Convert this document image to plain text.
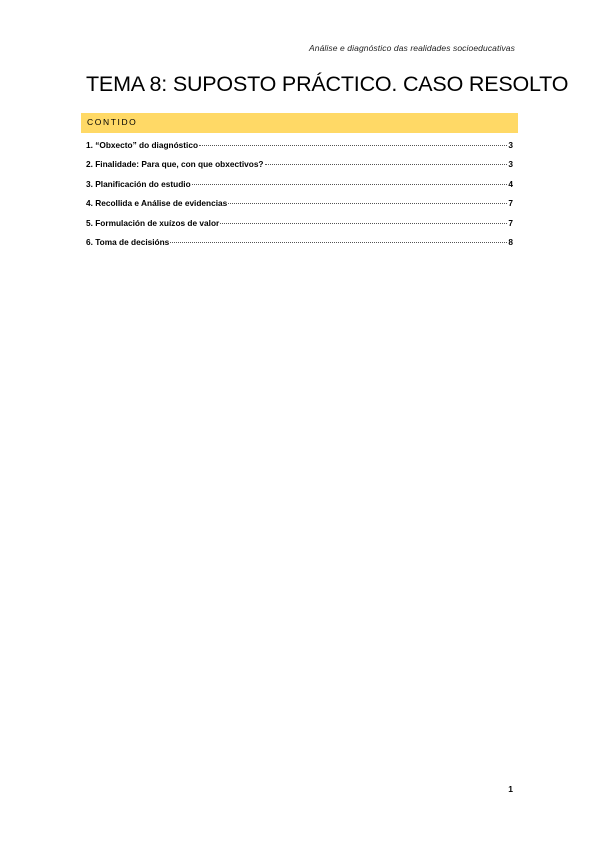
Análise e diagnóstico das realidades socioeducativas
TEMA 8: SUPOSTO PRÁCTICO. CASO RESOLTO
CONTIDO
1. “Obxecto” do diagnóstico	3
2. Finalidade: Para que, con que obxectivos?	3
3. Planificación do estudio	4
4. Recollida e Análise de evidencias	7
5. Formulación de xuízos de valor	7
6. Toma de decisións	8
1
